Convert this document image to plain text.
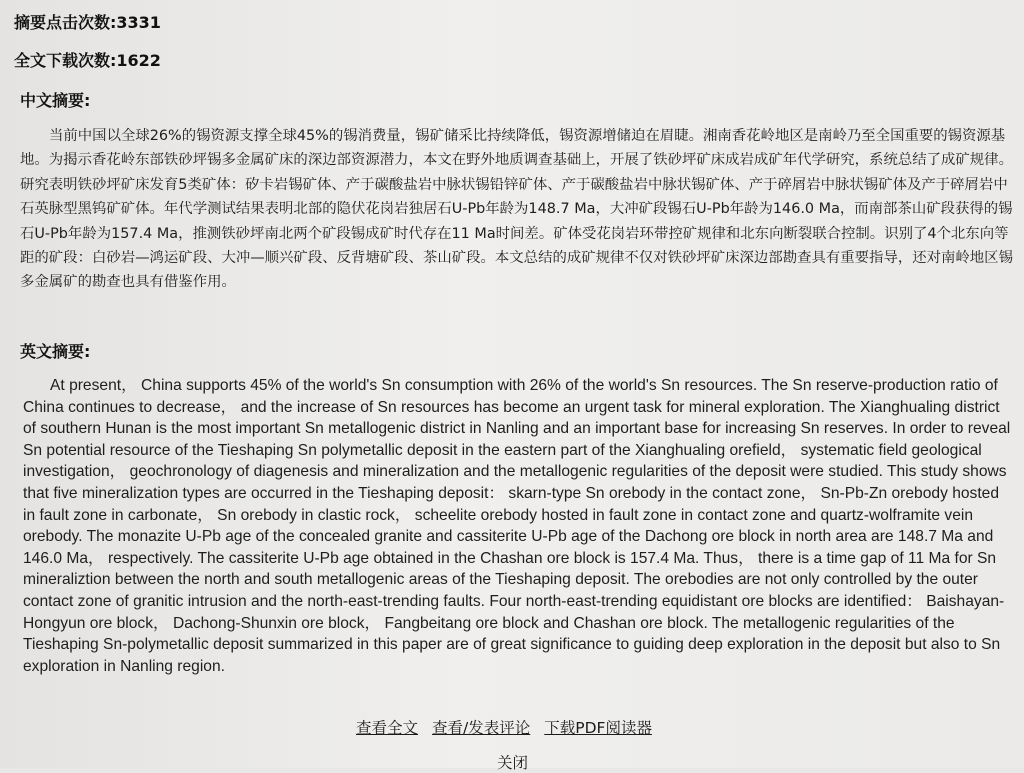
摘要点击次数:3331
全文下载次数:1622
中文摘要:

当前中国以全球26%的锡资源支撑全球45%的锡消费量，锡矿储采比持续降低，锡资源增储迫在眉睫。湘南香花岭地区是南岭乃至全国重要的锡资源基地。为揭示香花岭东部铁砂坪锡多金属矿床的深边部资源潜力，本文在野外地质调查基础上，开展了铁砂坪矿床成岩成矿年代学研究，系统总结了成矿规律。研究表明铁砂坪矿床发育5类矿体：矽卡岩锡矿体、产于碳酸盐岩中脉状锡铅锌矿体、产于碳酸盐岩中脉状锡矿体、产于碎屑岩中脉状锡矿体及产于碎屑岩中石英脉型黑钨矿矿体。年代学测试结果表明北部的隐伏花岗岩独居石U-Pb年龄为148.7 Ma，大冲矿段锡石U-Pb年龄为146.0 Ma，而南部茶山矿段获得的锡石U-Pb年龄为157.4 Ma，推测铁砂坪南北两个矿段锡成矿时代存在11 Ma时间差。矿体受花岗岩环带控矿规律和北东向断裂联合控制。识别了4个北东向等距的矿段：白砂岩—鸿运矿段、大冲—顺兴矿段、反背塘矿段、茶山矿段。本文总结的成矿规律不仅对铁砂坪矿床深边部勘查具有重要指导，还对南岭地区锡多金属矿的勘查也具有借鉴作用。

英文摘要:

At present， China supports 45% of the world's Sn consumption with 26% of the world's Sn resources. The Sn reserve-production ratio of China continues to decrease， and the increase of Sn resources has become an urgent task for mineral exploration. The Xianghualing district of southern Hunan is the most important Sn metallogenic district in Nanling and an important base for increasing Sn reserves. In order to reveal Sn potential resource of the Tieshaping Sn polymetallic deposit in the eastern part of the Xianghualing orefield， systematic field geological investigation， geochronology of diagenesis and mineralization and the metallogenic regularities of the deposit were studied. This study shows that five mineralization types are occurred in the Tieshaping deposit： skarn-type Sn orebody in the contact zone， Sn-Pb-Zn orebody hosted in fault zone in carbonate， Sn orebody in clastic rock， scheelite orebody hosted in fault zone in contact zone and quartz-wolframite vein orebody. The monazite U-Pb age of the concealed granite and cassiterite U-Pb age of the Dachong ore block in north area are 148.7 Ma and 146.0 Ma， respectively. The cassiterite U-Pb age obtained in the Chashan ore block is 157.4 Ma. Thus， there is a time gap of 11 Ma for Sn mineraliztion between the north and south metallogenic areas of the Tieshaping deposit. The orebodies are not only controlled by the outer contact zone of granitic intrusion and the north-east-trending faults. Four north-east-trending equidistant ore blocks are identified： Baishayan-Hongyun ore block， Dachong-Shunxin ore block， Fangbeitang ore block and Chashan ore block. The metallogenic regularities of the Tieshaping Sn-polymetallic deposit summarized in this paper are of great significance to guiding deep exploration in the deposit but also to Sn exploration in Nanling region.

查看全文 查看/发表评论 下载PDF阅读器
关闭
